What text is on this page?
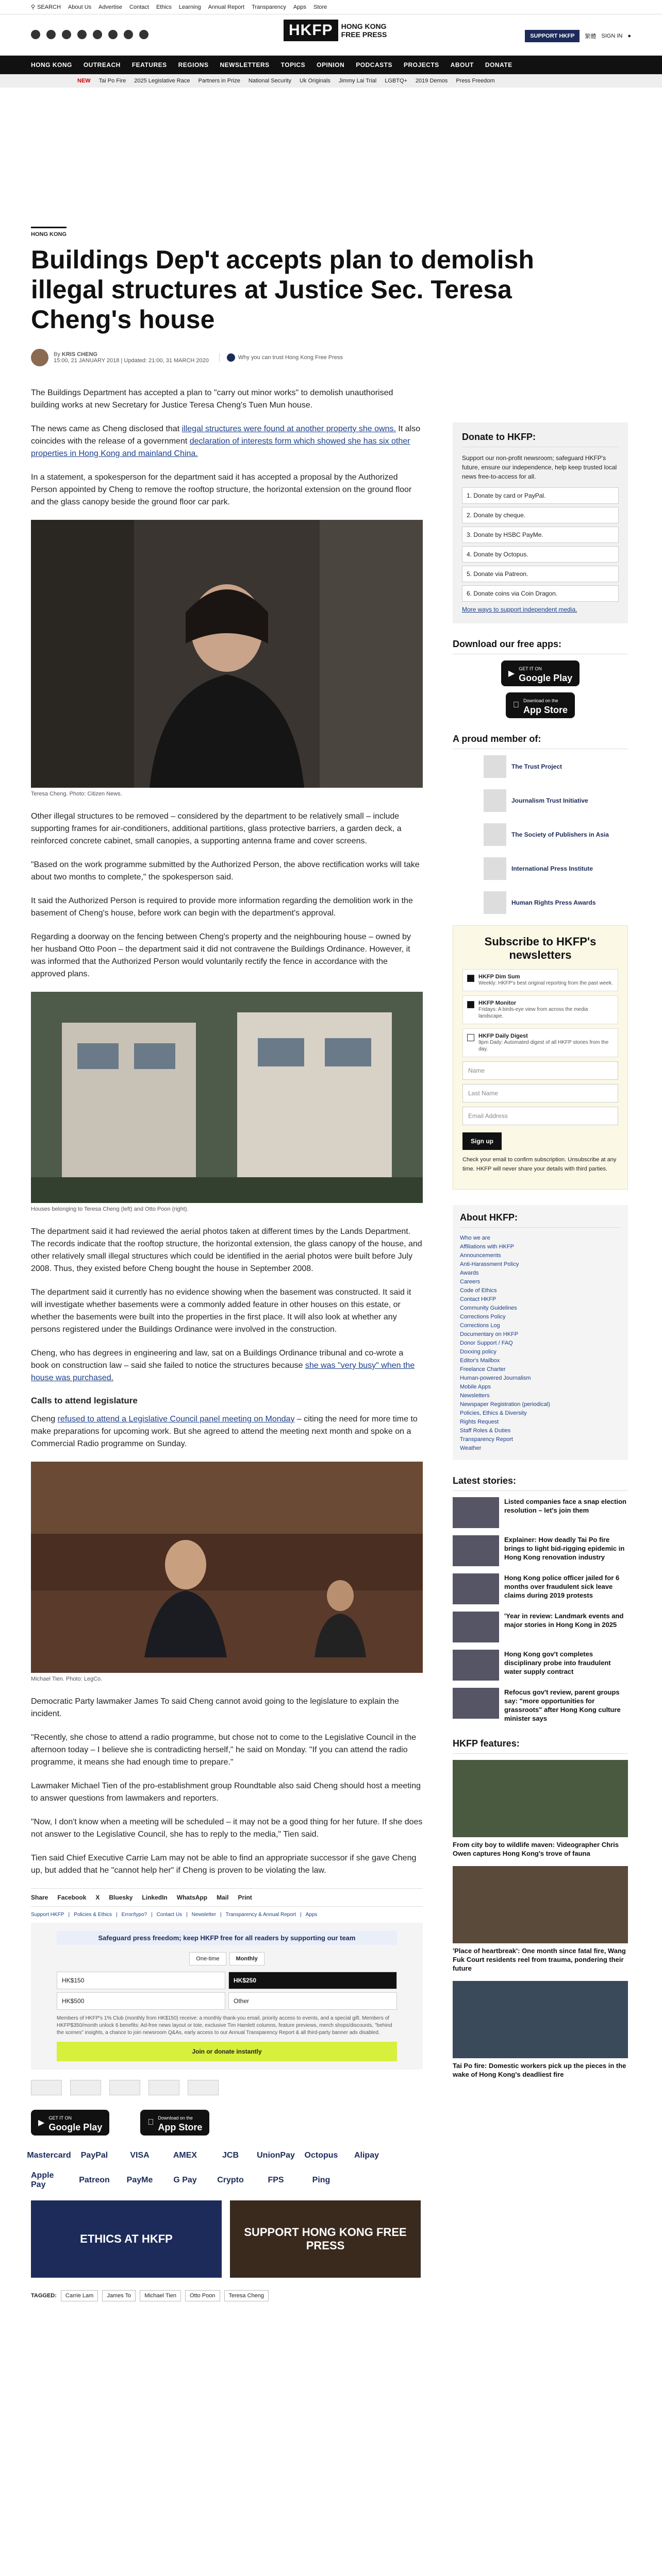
⚲ SEARCH About Us Advertise Contact Ethics Learning Annual Report Transparency Apps Store
HKFP	HONG KONG
FREE PRESS	SUPPORT HKFP	繁體 SIGN IN ●
HONG KONG OUTREACH FEATURES REGIONS NEWSLETTERS TOPICS OPINION PODCASTS PROJECTS ABOUT DONATE
NEW Tai Po Fire 2025 Legislative Race Partners in Prize National Security Uk Originals Jimmy Lai Trial LGBTQ+ 2019 Demos Press Freedom
HONG KONG
Buildings Dep't accepts plan to demolish illegal structures at Justice Sec. Teresa Cheng's house
By KRIS CHENG
15:00, 21 JANUARY 2018 | Updated: 21:00, 31 MARCH 2020	Why you can trust Hong Kong Free Press

The Buildings Department has accepted a plan to "carry out minor works" to demolish unauthorised building works at new Secretary for Justice Teresa Cheng's Tuen Mun house.

The news came as Cheng disclosed that illegal structures were found at another property she owns. It also coincides with the release of a government declaration of interests form which showed she has six other properties in Hong Kong and mainland China.

In a statement, a spokesperson for the department said it has accepted a proposal by the Authorized Person appointed by Cheng to remove the rooftop structure, the horizontal extension on the ground floor and the glass canopy beside the ground floor car park.

Teresa Cheng. Photo: Citizen News.

Other illegal structures to be removed – considered by the department to be relatively small – include supporting frames for air-conditioners, additional partitions, glass protective barriers, a garden deck, a reinforced concrete cabinet, small canopies, a supporting antenna frame and cover screens.

"Based on the work programme submitted by the Authorized Person, the above rectification works will take about two months to complete," the spokesperson said.

It said the Authorized Person is required to provide more information regarding the demolition work in the basement of Cheng's house, before work can begin with the department's approval.

Regarding a doorway on the fencing between Cheng's property and the neighbouring house – owned by her husband Otto Poon – the department said it did not contravene the Buildings Ordinance. However, it was informed that the Authorized Person would voluntarily rectify the fence in accordance with the approved plans.

Houses belonging to Teresa Cheng (left) and Otto Poon (right).

The department said it had reviewed the aerial photos taken at different times by the Lands Department. The records indicate that the rooftop structure, the horizontal extension, the glass canopy of the house, and other relatively small illegal structures which could be identified in the aerial photos were built before July 2008. Thus, they existed before Cheng bought the house in September 2008.

The department said it currently has no evidence showing when the basement was constructed. It said it will investigate whether basements were a commonly added feature in other houses on this estate, or whether the basements were built into the properties in the first place. It will also look at whether any persons registered under the Buildings Ordinance were involved in the construction.

Cheng, who has degrees in engineering and law, sat on a Buildings Ordinance tribunal and co-wrote a book on construction law – said she failed to notice the structures because she was "very busy" when the house was purchased.

Calls to attend legislature

Cheng refused to attend a Legislative Council panel meeting on Monday – citing the need for more time to make preparations for upcoming work. But she agreed to attend the meeting next month and spoke on a Commercial Radio programme on Sunday.

Michael Tien. Photo: LegCo.

Democratic Party lawmaker James To said Cheng cannot avoid going to the legislature to explain the incident.

"Recently, she chose to attend a radio programme, but chose not to come to the Legislative Council in the afternoon today – I believe she is contradicting herself," he said on Monday. "If you can attend the radio programme, it means she had enough time to prepare."

Lawmaker Michael Tien of the pro-establishment group Roundtable also said Cheng should host a meeting to answer questions from lawmakers and reporters.

"Now, I don't know when a meeting will be scheduled – it may not be a good thing for her future. If she does not answer to the Legislative Council, she has to reply to the media," Tien said.

Tien said Chief Executive Carrie Lam may not be able to find an appropriate successor if she gave Cheng up, but added that he "cannot help her" if Cheng is proven to be violating the law.

Share Facebook X Bluesky LinkedIn WhatsApp Mail Print
Support HKFP | Policies & Ethics | Error/typo? | Contact Us | Newsletter | Transparency & Annual Report | Apps
Safeguard press freedom; keep HKFP free for all readers by supporting our team
One-time	Monthly
HK$150	HK$250
HK$500	Other
Members of HKFP's 1% Club (monthly from HK$150) receive: a monthly thank-you email, priority access to events, and a special gift. Members of HKFP$350/month unlock 6 benefits: Ad-free news layout or tote, exclusive Tim Hamlett columns, feature previews, merch shops/discounts, "behind the scenes" insights, a chance to join newsroom Q&As, early access to our Annual Transparency Report & all third-party banner ads disabled.
Join or donate instantly
▶
GET IT ON
Google Play
Download on the
App Store
Mastercard	PayPal	VISA	AMEX	JCB	UnionPay Octopus	Alipay
Apple Pay
Patreon	PayMe	G Pay	Crypto	FPS	Ping
ETHICS AT HKFP
SUPPORT HONG KONG FREE PRESS
TAGGED:	Carrie Lam	James To	Michael Tien	Otto Poon	Teresa Cheng
Donate to HKFP:
Support our non-profit newsroom; safeguard HKFP's future, ensure our independence, help keep trusted local news free-to-access for all.
1. Donate by card or PayPal.
2. Donate by cheque.
3. Donate by HSBC PayMe.
4. Donate by Octopus.
5. Donate via Patreon.
6. Donate coins via Coin Dragon.
More ways to support independent media.
Download our free apps:
▶
GET IT ON
Google Play
Download on the
App Store
A proud member of:
The Trust Project
Journalism Trust Initiative
The Society of Publishers in Asia
International Press Institute
Human Rights Press Awards
Subscribe to HKFP's newsletters
HKFP Dim Sum
Weekly: HKFP's best original reporting from the past week.
HKFP Monitor
Fridays: A birds-eye view from across the media landscape.
HKFP Daily Digest
9pm Daily: Automated digest of all HKFP stories from the day.
Name
Last Name
Email Address
Sign up
Check your email to confirm subscription. Unsubscribe at any time. HKFP will never share your details with third parties.
About HKFP:
Who we are
Affiliations with HKFP
Announcements
Anti-Harassment Policy
Awards
Careers
Code of Ethics
Contact HKFP
Community Guidelines
Corrections Policy
Corrections Log
Documentary on HKFP
Donor Support / FAQ
Doxxing policy
Editor's Mailbox
Freelance Charter
Human-powered Journalism
Mobile Apps
Newsletters
Newspaper Registration (periodical)
Policies, Ethics & Diversity
Rights Request
Staff Roles & Duties
Transparency Report
Weather
Latest stories:
Listed companies face a snap election resolution – let's join them
Explainer: How deadly Tai Po fire brings to light bid-rigging epidemic in Hong Kong renovation industry
Hong Kong police officer jailed for 6 months over fraudulent sick leave claims during 2019 protests
'Year in review: Landmark events and major stories in Hong Kong in 2025
Hong Kong gov't completes disciplinary probe into fraudulent water supply contract
Refocus gov't review, parent groups say: "more opportunities for grassroots" after Hong Kong culture minister says
HKFP features:
From city boy to wildlife maven: Videographer Chris Owen captures Hong Kong's trove of fauna
'Place of heartbreak': One month since fatal fire, Wang Fuk Court residents reel from trauma, pondering their future
Tai Po fire: Domestic workers pick up the pieces in the wake of Hong Kong's deadliest fire
